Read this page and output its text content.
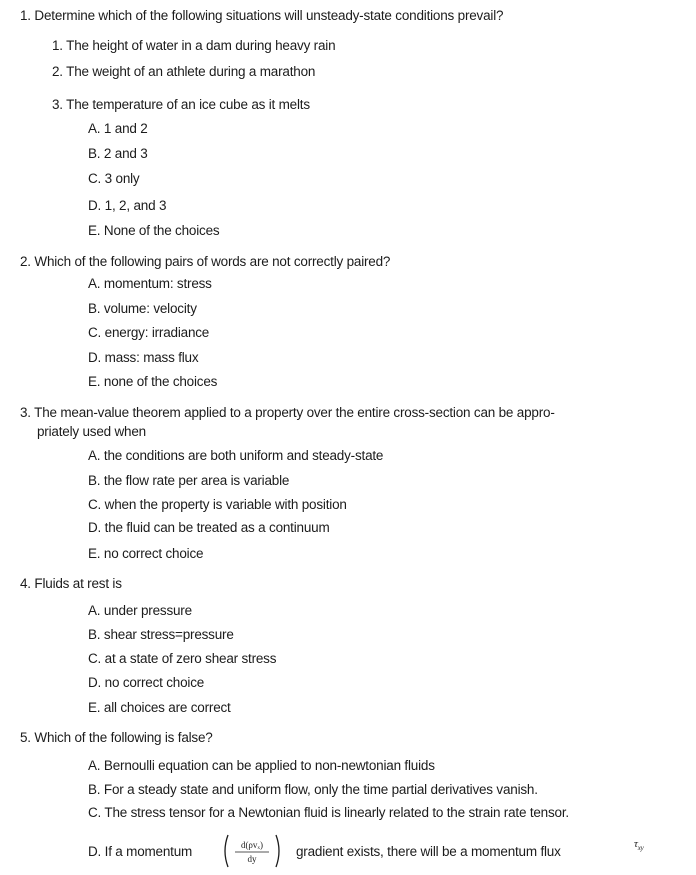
1. Determine which of the following situations will unsteady-state conditions prevail?
1. The height of water in a dam during heavy rain
2. The weight of an athlete during a marathon
3. The temperature of an ice cube as it melts
A. 1 and 2
B. 2 and 3
C. 3 only
D. 1, 2, and 3
E. None of the choices
2. Which of the following pairs of words are not correctly paired?
A. momentum: stress
B. volume: velocity
C. energy: irradiance
D. mass: mass flux
E. none of the choices
3. The mean-value theorem applied to a property over the entire cross-section can be appro-
priately used when
A. the conditions are both uniform and steady-state
B. the flow rate per area is variable
C. when the property is variable with position
D. the fluid can be treated as a continuum
E. no correct choice
4. Fluids at rest is
A. under pressure
B. shear stress=pressure
C. at a state of zero shear stress
D. no correct choice
E. all choices are correct
5. Which of the following is false?
A. Bernoulli equation can be applied to non-newtonian fluids
B. For a steady state and uniform flow, only the time partial derivatives vanish.
C. The stress tensor for a Newtonian fluid is linearly related to the strain rate tensor.
D. If a momentum	d(ρvₓ)
dy	gradient exists, there will be a momentum flux	$\tau_{xy}$
